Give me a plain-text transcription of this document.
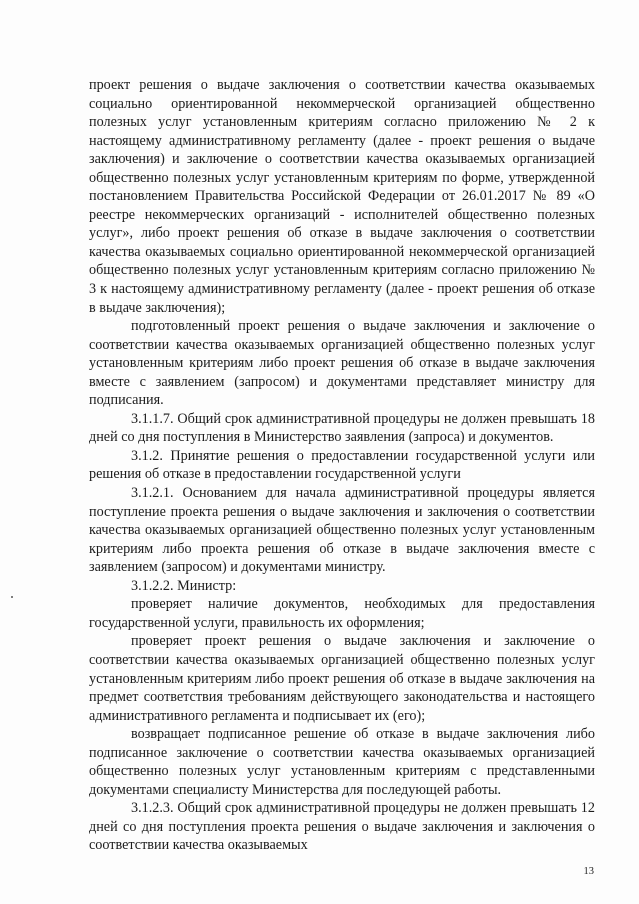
проект решения о выдаче заключения о соответствии качества оказываемых социально ориентированной некоммерческой организацией общественно полезных услуг установленным критериям согласно приложению № 2 к настоящему административному регламенту (далее - проект решения о выдаче заключения) и заключение о соответствии качества оказываемых организацией общественно полезных услуг установленным критериям по форме, утвержденной постановлением Правительства Российской Федерации от 26.01.2017 № 89 «О реестре некоммерческих организаций - исполнителей общественно полезных услуг», либо проект решения об отказе в выдаче заключения о соответствии качества оказываемых социально ориентированной некоммерческой организацией общественно полезных услуг установленным критериям согласно приложению № 3 к настоящему административному регламенту (далее - проект решения об отказе в выдаче заключения);

подготовленный проект решения о выдаче заключения и заключение о соответствии качества оказываемых организацией общественно полезных услуг установленным критериям либо проект решения об отказе в выдаче заключения вместе с заявлением (запросом) и документами представляет министру для подписания.

3.1.1.7. Общий срок административной процедуры не должен превышать 18 дней со дня поступления в Министерство заявления (запроса) и документов.

3.1.2. Принятие решения о предоставлении государственной услуги или решения об отказе в предоставлении государственной услуги

3.1.2.1. Основанием для начала административной процедуры является поступление проекта решения о выдаче заключения и заключения о соответствии качества оказываемых организацией общественно полезных услуг установленным критериям либо проекта решения об отказе в выдаче заключения вместе с заявлением (запросом) и документами министру.

3.1.2.2. Министр:

проверяет наличие документов, необходимых для предоставления государственной услуги, правильность их оформления;

проверяет проект решения о выдаче заключения и заключение о соответствии качества оказываемых организацией общественно полезных услуг установленным критериям либо проект решения об отказе в выдаче заключения на предмет соответствия требованиям действующего законодательства и настоящего административного регламента и подписывает их (его);

возвращает подписанное решение об отказе в выдаче заключения либо подписанное заключение о соответствии качества оказываемых организацией общественно полезных услуг установленным критериям с представленными документами специалисту Министерства для последующей работы.

3.1.2.3. Общий срок административной процедуры не должен превышать 12 дней со дня поступления проекта решения о выдаче заключения и заключения о соответствии качества оказываемых

13
